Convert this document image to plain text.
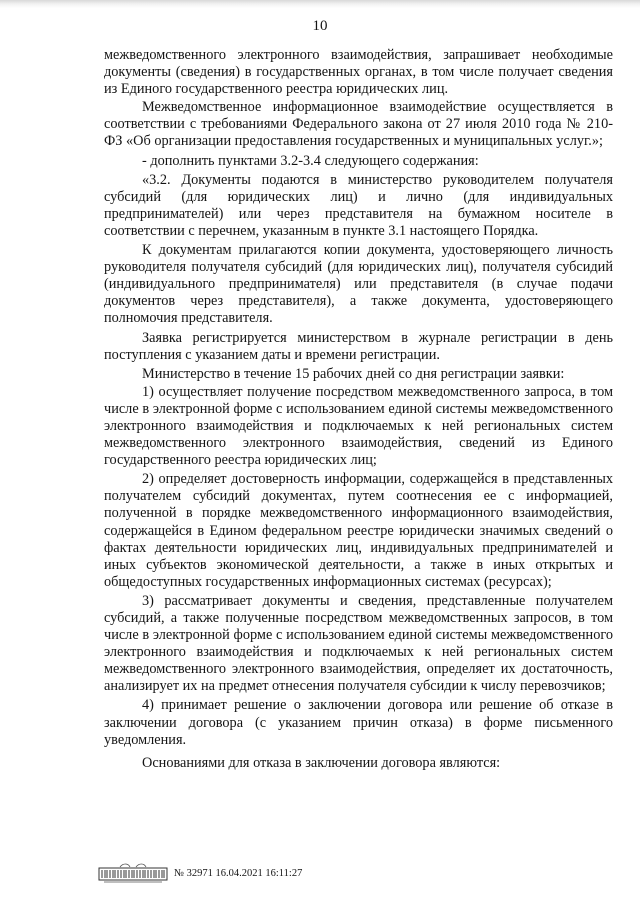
10

межведомственного электронного взаимодействия, запрашивает необходимые документы (сведения) в государственных органах, в том числе получает сведения из Единого государственного реестра юридических лиц.

Межведомственное информационное взаимодействие осуществляется в соответствии с требованиями Федерального закона от 27 июля 2010 года № 210-ФЗ «Об организации предоставления государственных и муниципальных услуг.»;

- дополнить пунктами 3.2-3.4 следующего содержания:

«3.2. Документы подаются в министерство руководителем получателя субсидий (для юридических лиц) и лично (для индивидуальных предпринимателей) или через представителя на бумажном носителе в соответствии с перечнем, указанным в пункте 3.1 настоящего Порядка.

К документам прилагаются копии документа, удостоверяющего личность руководителя получателя субсидий (для юридических лиц), получателя субсидий (индивидуального предпринимателя) или представителя (в случае подачи документов через представителя), а также документа, удостоверяющего полномочия представителя.

Заявка регистрируется министерством в журнале регистрации в день поступления с указанием даты и времени регистрации.

Министерство в течение 15 рабочих дней со дня регистрации заявки:

1) осуществляет получение посредством межведомственного запроса, в том числе в электронной форме с использованием единой системы межведомственного электронного взаимодействия и подключаемых к ней региональных систем межведомственного электронного взаимодействия, сведений из Единого государственного реестра юридических лиц;

2) определяет достоверность информации, содержащейся в представленных получателем субсидий документах, путем соотнесения ее с информацией, полученной в порядке межведомственного информационного взаимодействия, содержащейся в Едином федеральном реестре юридически значимых сведений о фактах деятельности юридических лиц, индивидуальных предпринимателей и иных субъектов экономической деятельности, а также в иных открытых и общедоступных государственных информационных системах (ресурсах);

3) рассматривает документы и сведения, представленные получателем субсидий, а также полученные посредством межведомственных запросов, в том числе в электронной форме с использованием единой системы межведомственного электронного взаимодействия и подключаемых к ней региональных систем межведомственного электронного взаимодействия, определяет их достаточность, анализирует их на предмет отнесения получателя субсидии к числу перевозчиков;

4) принимает решение о заключении договора или решение об отказе в заключении договора (с указанием причин отказа) в форме письменного уведомления.

Основаниями для отказа в заключении договора являются:

№ 32971 16.04.2021 16:11:27
